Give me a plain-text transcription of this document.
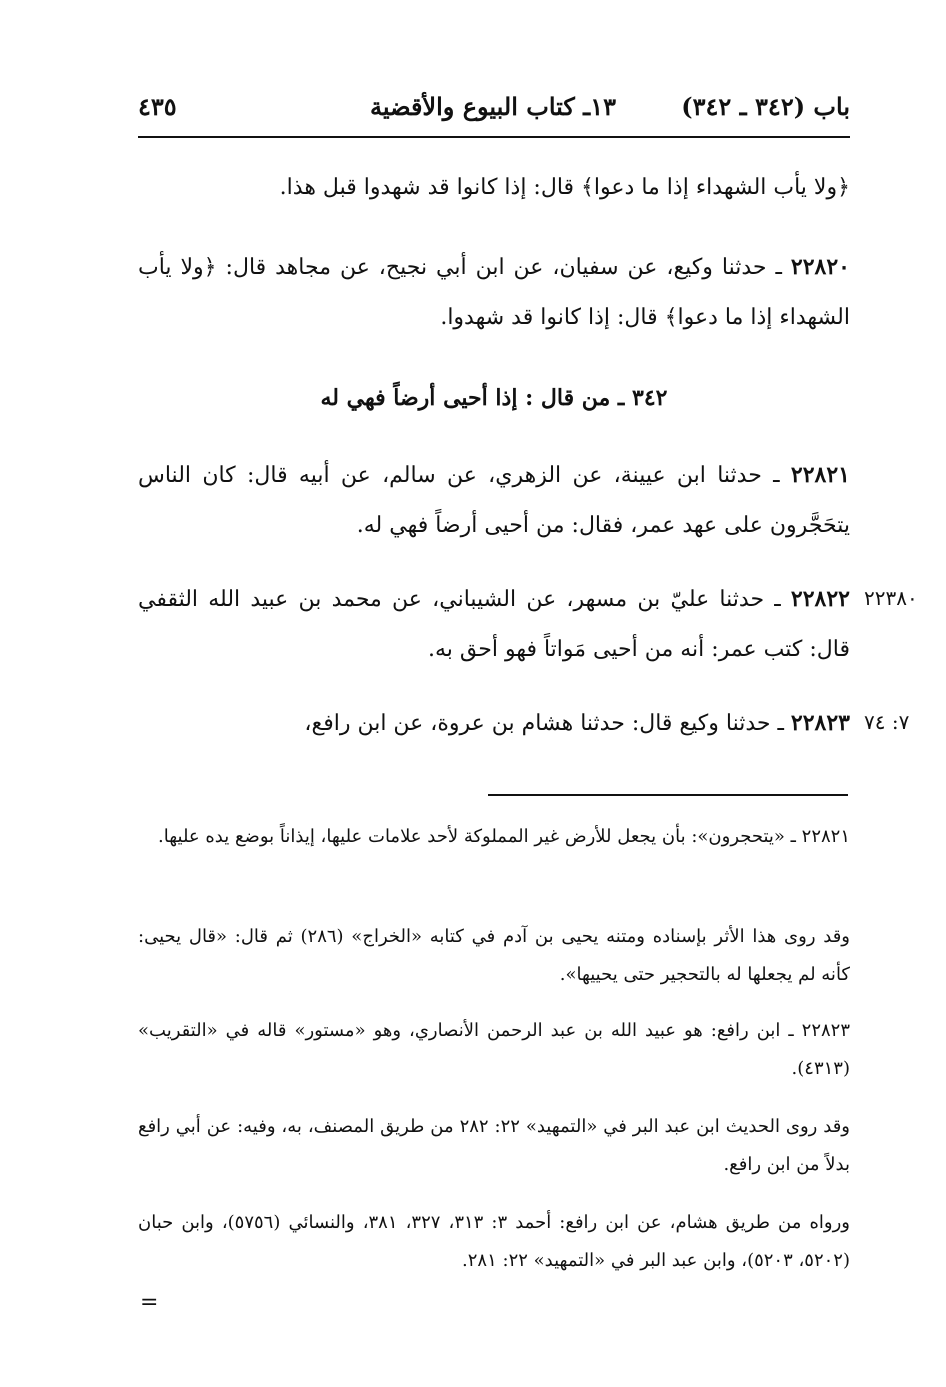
باب (٣٤٢ ـ ٣٤٢)
١٣ـ كتاب البيوع والأقضية
٤٣٥
﴿ولا يأب الشهداء إذا ما دعوا﴾ قال: إذا كانوا قد شهدوا قبل هذا.
٢٢٨٢٠ ـ حدثنا وكيع، عن سفيان، عن ابن أبي نجيح، عن مجاهد قال: ﴿ولا يأب الشهداء إذا ما دعوا﴾ قال: إذا كانوا قد شهدوا.
٣٤٢ ـ من قال : إذا أحيى أرضاً فهي له
٢٢٨٢١ ـ حدثنا ابن عيينة، عن الزهري، عن سالم، عن أبيه قال: كان الناس يتحَجَّرون على عهد عمر، فقال: من أحيى أرضاً فهي له.
٢٢٨٢٢ ـ حدثنا عليّ بن مسهر، عن الشيباني، عن محمد بن عبيد الله الثقفي قال: كتب عمر: أنه من أحيى مَواتاً فهو أحق به.
٢٢٣٨٠
٢٢٨٢٣ ـ حدثنا وكيع قال: حدثنا هشام بن عروة، عن ابن رافع،	٧: ٧٤
٢٢٨٢١ ـ «يتحجرون»: بأن يجعل للأرض غير المملوكة لأحد علامات عليها، إيذاناً بوضع يده عليها.
وقد روى هذا الأثر بإسناده ومتنه يحيى بن آدم في كتابه «الخراج» (٢٨٦) ثم قال: «قال يحيى: كأنه لم يجعلها له بالتحجير حتى يحييها».
٢٢٨٢٣ ـ ابن رافع: هو عبيد الله بن عبد الرحمن الأنصاري، وهو «مستور» قاله في «التقريب» (٤٣١٣).
وقد روى الحديث ابن عبد البر في «التمهيد» ٢٢: ٢٨٢ من طريق المصنف، به، وفيه: عن أبي رافع بدلاً من ابن رافع.
ورواه من طريق هشام، عن ابن رافع: أحمد ٣: ٣١٣، ٣٢٧، ٣٨١، والنسائي (٥٧٥٦)، وابن حبان (٥٢٠٢، ٥٢٠٣)، وابن عبد البر في «التمهيد» ٢٢: ٢٨١.
=
